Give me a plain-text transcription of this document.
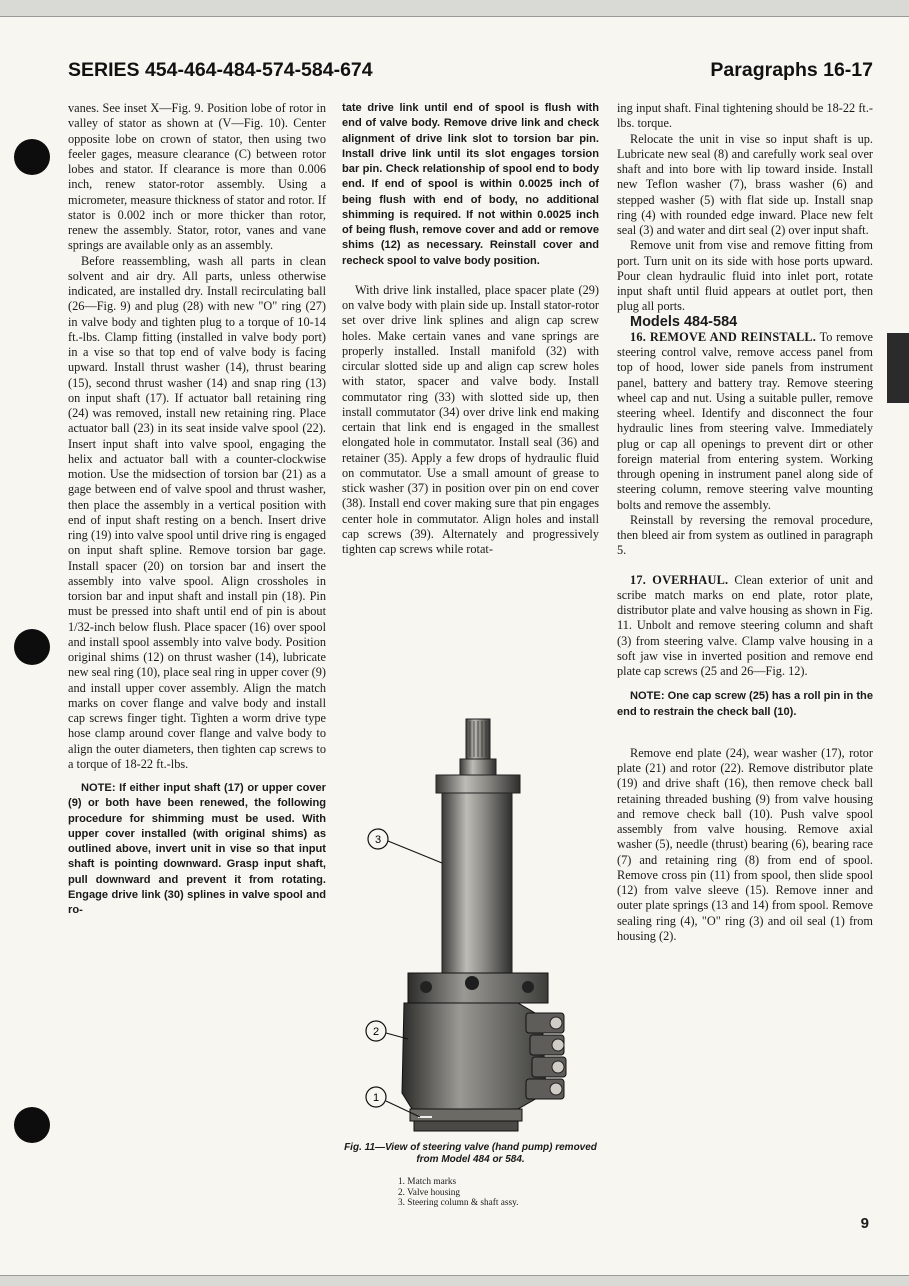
SERIES 454-464-484-574-584-674	Paragraphs 16-17

vanes. See inset X—Fig. 9. Position lobe of rotor in valley of stator as shown at (V—Fig. 10). Center opposite lobe on crown of stator, then using two feeler gages, measure clearance (C) between rotor lobes and stator. If clearance is more than 0.006 inch, renew stator-rotor assembly. Using a micrometer, measure thickness of stator and rotor. If stator is 0.002 inch or more thicker than rotor, renew the assembly. Stator, rotor, vanes and vane springs are available only as an assembly.

Before reassembling, wash all parts in clean solvent and air dry. All parts, unless otherwise indicated, are installed dry. Install recirculating ball (26—Fig. 9) and plug (28) with new "O" ring (27) in valve body and tighten plug to a torque of 10-14 ft.-lbs. Clamp fitting (installed in valve body port) in a vise so that top end of valve body is facing upward. Install thrust washer (14), thrust bearing (15), second thrust washer (14) and snap ring (13) on input shaft (17). If actuator ball retaining ring (24) was removed, install new retaining ring. Place actuator ball (23) in its seat inside valve spool (22). Insert input shaft into valve spool, engaging the helix and actuator ball with a counter-clockwise motion. Use the midsection of torsion bar (21) as a gage between end of valve spool and thrust washer, then place the assembly in a vertical position with end of input shaft resting on a bench. Insert drive ring (19) into valve spool until drive ring is engaged on input shaft spline. Remove torsion bar gage. Install spacer (20) on torsion bar and insert the assembly into valve spool. Align crossholes in torsion bar and input shaft and install pin (18). Pin must be pressed into shaft until end of pin is about 1/32-inch below flush. Place spacer (16) over spool and install spool assembly into valve body. Position original shims (12) on thrust washer (14), lubricate new seal ring (10), place seal ring in upper cover (9) and install upper cover assembly. Align the match marks on cover flange and valve body and install cap screws finger tight. Tighten a worm drive type hose clamp around cover flange and valve body to align the outer diameters, then tighten cap screws to a torque of 18-22 ft.-lbs.

NOTE: If either input shaft (17) or upper cover (9) or both have been renewed, the following procedure for shimming must be used. With upper cover installed (with original shims) as outlined above, invert unit in vise so that input shaft is pointing downward. Grasp input shaft, pull downward and prevent it from rotating. Engage drive link (30) splines in valve spool and ro-

tate drive link until end of spool is flush with end of valve body. Remove drive link and check alignment of drive link slot to torsion bar pin. Install drive link until its slot engages torsion bar pin. Check relationship of spool end to body end. If end of spool is within 0.0025 inch of being flush with end of body, no additional shimming is required. If not within 0.0025 inch of being flush, remove cover and add or remove shims (12) as necessary. Reinstall cover and recheck spool to valve body position.

With drive link installed, place spacer plate (29) on valve body with plain side up. Install stator-rotor set over drive link splines and align cap screw holes. Make certain vanes and vane springs are properly installed. Install manifold (32) with circular slotted side up and align cap screw holes with stator, spacer and valve body. Install commutator ring (33) with slotted side up, then install commutator (34) over drive link end making certain that link end is engaged in the smallest elongated hole in commutator. Install seal (36) and retainer (35). Apply a few drops of hydraulic fluid on commutator. Use a small amount of grease to stick washer (37) in position over pin on end cover (38). Install end cover making sure that pin engages center hole in commutator. Align holes and install cap screws (39). Alternately and progressively tighten cap screws while rotat-

3
2
1
Fig. 11—View of steering valve (hand pump) removed from Model 484 or 584.
1. Match marks
2. Valve housing
3. Steering column & shaft assy.

ing input shaft. Final tightening should be 18-22 ft.-lbs. torque.

Relocate the unit in vise so input shaft is up. Lubricate new seal (8) and carefully work seal over shaft and into bore with lip toward inside. Install new Teflon washer (7), brass washer (6) and stepped washer (5) with flat side up. Install snap ring (4) with rounded edge inward. Place new felt seal (3) and water and dirt seal (2) over input shaft.

Remove unit from vise and remove fitting from port. Turn unit on its side with hose ports upward. Pour clean hydraulic fluid into inlet port, rotate input shaft until fluid appears at outlet port, then plug all ports.

Models 484-584

16. REMOVE AND REINSTALL. To remove steering control valve, remove access panel from top of hood, lower side panels from instrument panel, battery and battery tray. Remove steering wheel cap and nut. Using a suitable puller, remove steering wheel. Identify and disconnect the four hydraulic lines from steering valve. Immediately plug or cap all openings to prevent dirt or other foreign material from entering system. Working through opening in instrument panel along side of steering column, remove steering valve mounting bolts and remove the assembly.

Reinstall by reversing the removal procedure, then bleed air from system as outlined in paragraph 5.

17. OVERHAUL. Clean exterior of unit and scribe match marks on end plate, rotor plate, distributor plate and valve housing as shown in Fig. 11. Unbolt and remove steering column and shaft (3) from steering valve. Clamp valve housing in a soft jaw vise in inverted position and remove end plate cap screws (25 and 26—Fig. 12).

NOTE: One cap screw (25) has a roll pin in the end to restrain the check ball (10).

Remove end plate (24), wear washer (17), rotor plate (21) and rotor (22). Remove distributor plate (19) and drive shaft (16), then remove check ball retaining threaded bushing (9) from valve housing and remove check ball (10). Push valve spool assembly from valve housing. Remove axial washer (5), needle (thrust) bearing (6), bearing race (7) and retaining ring (8) from end of spool. Remove cross pin (11) from spool, then slide spool (12) from valve sleeve (15). Remove inner and outer plate springs (13 and 14) from spool. Remove sealing ring (4), "O" ring (3) and oil seal (1) from housing (2).

9
